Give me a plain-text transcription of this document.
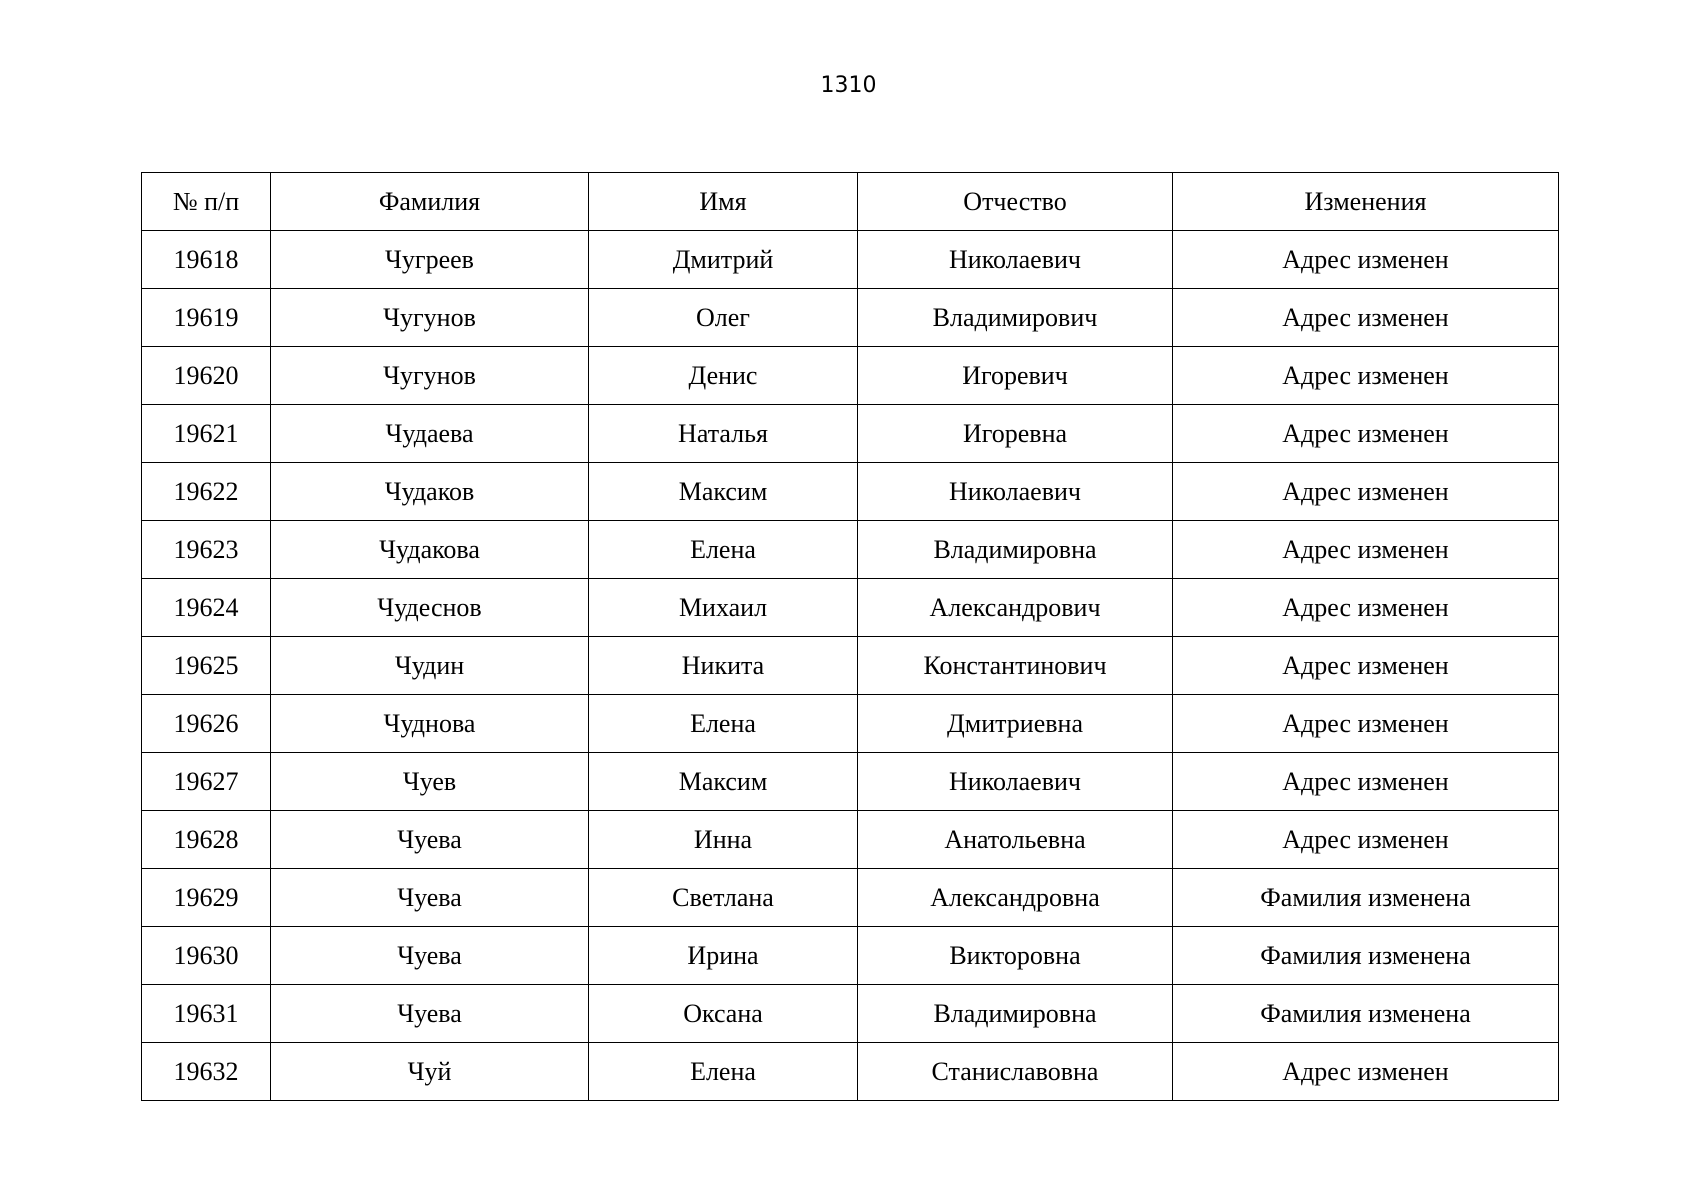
1310
№ п/п	Фамилия	Имя	Отчество	Изменения
19618	Чугреев	Дмитрий	Николаевич	Адрес изменен
19619	Чугунов	Олег	Владимирович	Адрес изменен
19620	Чугунов	Денис	Игоревич	Адрес изменен
19621	Чудаева	Наталья	Игоревна	Адрес изменен
19622	Чудаков	Максим	Николаевич	Адрес изменен
19623	Чудакова	Елена	Владимировна	Адрес изменен
19624	Чудеснов	Михаил	Александрович	Адрес изменен
19625	Чудин	Никита	Константинович	Адрес изменен
19626	Чуднова	Елена	Дмитриевна	Адрес изменен
19627	Чуев	Максим	Николаевич	Адрес изменен
19628	Чуева	Инна	Анатольевна	Адрес изменен
19629	Чуева	Светлана	Александровна	Фамилия изменена
19630	Чуева	Ирина	Викторовна	Фамилия изменена
19631	Чуева	Оксана	Владимировна	Фамилия изменена
19632	Чуй	Елена	Станиславовна	Адрес изменен
